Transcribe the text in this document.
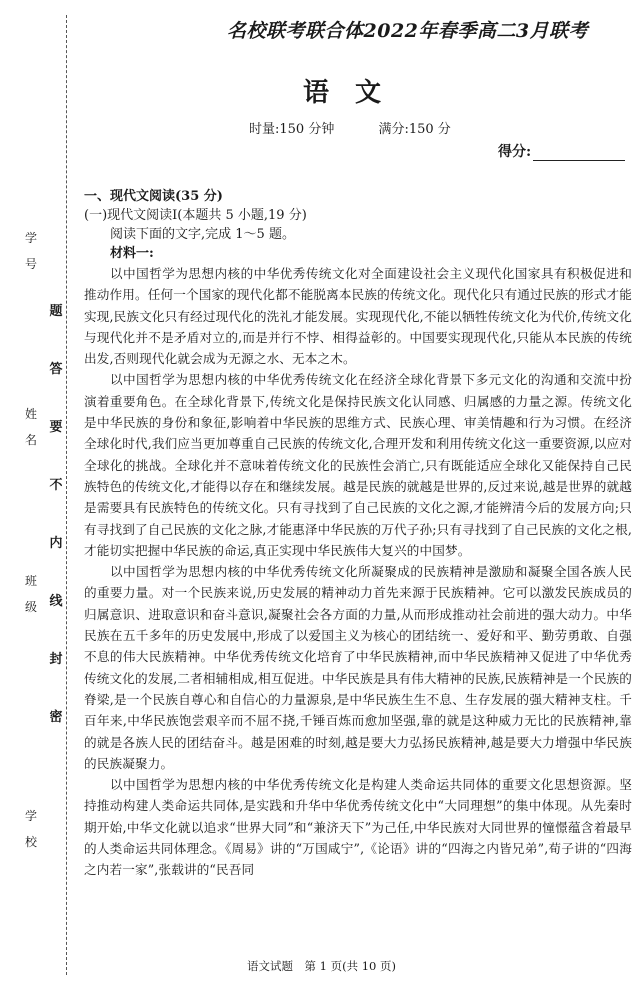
学

号
姓

名
班

级
学

校
题
答
要
不
内
线
封
密
名校联考联合体2022年春季高二3月联考
语文
时量:150 分钟	满分:150 分
得分:

一、现代文阅读(35 分)

(一)现代文阅读Ⅰ(本题共 5 小题,19 分)

阅读下面的文字,完成 1～5 题。

材料一:

以中国哲学为思想内核的中华优秀传统文化对全面建设社会主义现代化国家具有积极促进和推动作用。任何一个国家的现代化都不能脱离本民族的传统文化。现代化只有通过民族的形式才能实现,民族文化只有经过现代化的洗礼才能发展。实现现代化,不能以牺牲传统文化为代价,传统文化与现代化并不是矛盾对立的,而是并行不悖、相得益彰的。中国要实现现代化,只能从本民族的传统出发,否则现代化就会成为无源之水、无本之木。

以中国哲学为思想内核的中华优秀传统文化在经济全球化背景下多元文化的沟通和交流中扮演着重要角色。在全球化背景下,传统文化是保持民族文化认同感、归属感的力量之源。传统文化是中华民族的身份和象征,影响着中华民族的思维方式、民族心理、审美情趣和行为习惯。在经济全球化时代,我们应当更加尊重自己民族的传统文化,合理开发和利用传统文化这一重要资源,以应对全球化的挑战。全球化并不意味着传统文化的民族性会消亡,只有既能适应全球化又能保持自己民族特色的传统文化,才能得以存在和继续发展。越是民族的就越是世界的,反过来说,越是世界的就越是需要具有民族特色的传统文化。只有寻找到了自己民族的文化之源,才能辨清今后的发展方向;只有寻找到了自己民族的文化之脉,才能惠泽中华民族的万代子孙;只有寻找到了自己民族的文化之根,才能切实把握中华民族的命运,真正实现中华民族伟大复兴的中国梦。

以中国哲学为思想内核的中华优秀传统文化所凝聚成的民族精神是激励和凝聚全国各族人民的重要力量。对一个民族来说,历史发展的精神动力首先来源于民族精神。它可以激发民族成员的归属意识、进取意识和奋斗意识,凝聚社会各方面的力量,从而形成推动社会前进的强大动力。中华民族在五千多年的历史发展中,形成了以爱国主义为核心的团结统一、爱好和平、勤劳勇敢、自强不息的伟大民族精神。中华优秀传统文化培育了中华民族精神,而中华民族精神又促进了中华优秀传统文化的发展,二者相辅相成,相互促进。中华民族是具有伟大精神的民族,民族精神是一个民族的脊梁,是一个民族自尊心和自信心的力量源泉,是中华民族生生不息、生存发展的强大精神支柱。千百年来,中华民族饱尝艰辛而不屈不挠,千锤百炼而愈加坚强,靠的就是这种威力无比的民族精神,靠的就是各族人民的团结奋斗。越是困难的时刻,越是要大力弘扬民族精神,越是要大力增强中华民族的民族凝聚力。

以中国哲学为思想内核的中华优秀传统文化是构建人类命运共同体的重要文化思想资源。坚持推动构建人类命运共同体,是实践和升华中华优秀传统文化中“大同理想”的集中体现。从先秦时期开始,中华文化就以追求“世界大同”和“兼济天下”为己任,中华民族对大同世界的憧憬蕴含着最早的人类命运共同体理念。《周易》讲的“万国咸宁”,《论语》讲的“四海之内皆兄弟”,荀子讲的“四海之内若一家”,张载讲的“民吾同

语文试题　第 1 页(共 10 页)
